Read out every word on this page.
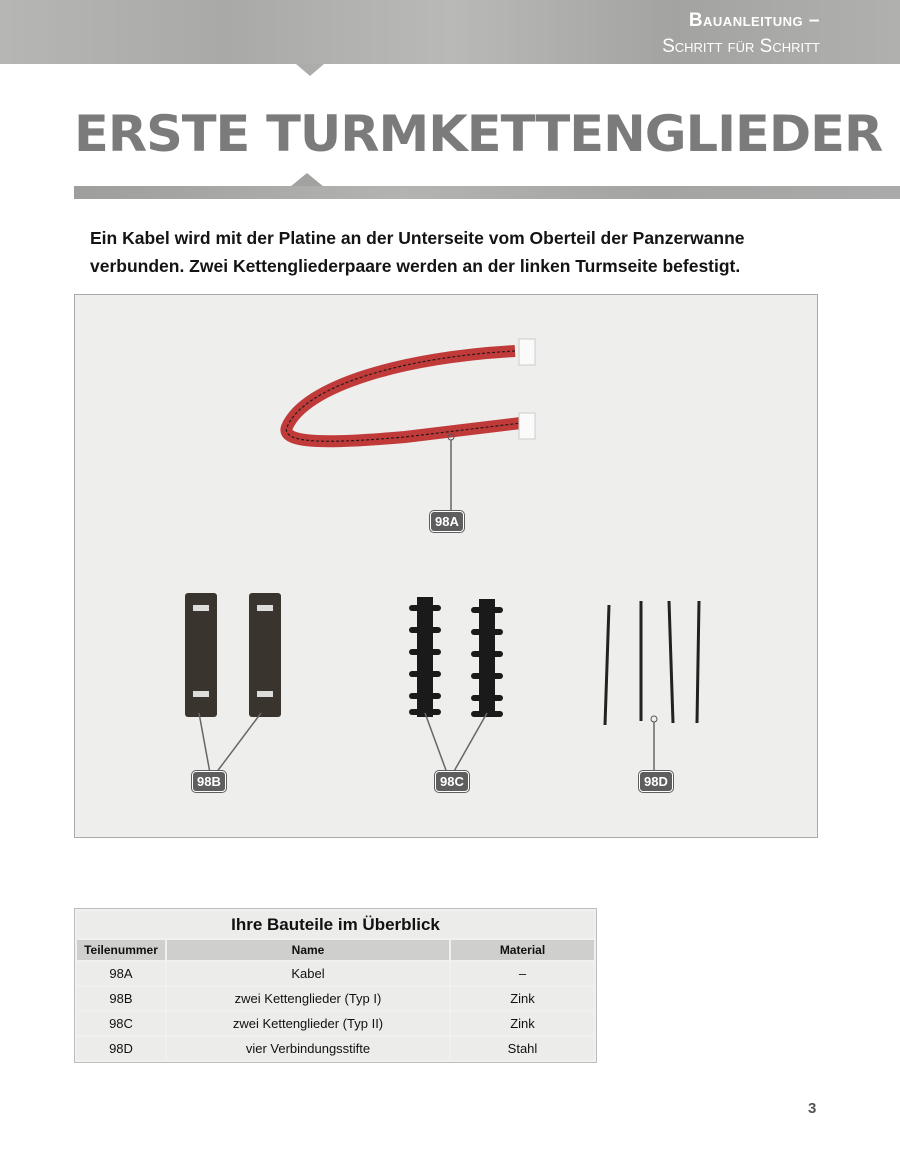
Bauanleitung –
Schritt für Schritt
ERSTE TURMKETTENGLIEDER
Ein Kabel wird mit der Platine an der Unterseite vom Oberteil der Panzerwanne verbunden. Zwei Kettengliederpaare werden an der linken Turmseite befestigt.
98A
98B	98C	98D
Ihre Bauteile im Überblick		
Teilenummer	Name	Material
98A	Kabel	–
98B	zwei Kettenglieder (Typ I)	Zink
98C	zwei Kettenglieder (Typ II)	Zink
98D	vier Verbindungsstifte	Stahl
3
